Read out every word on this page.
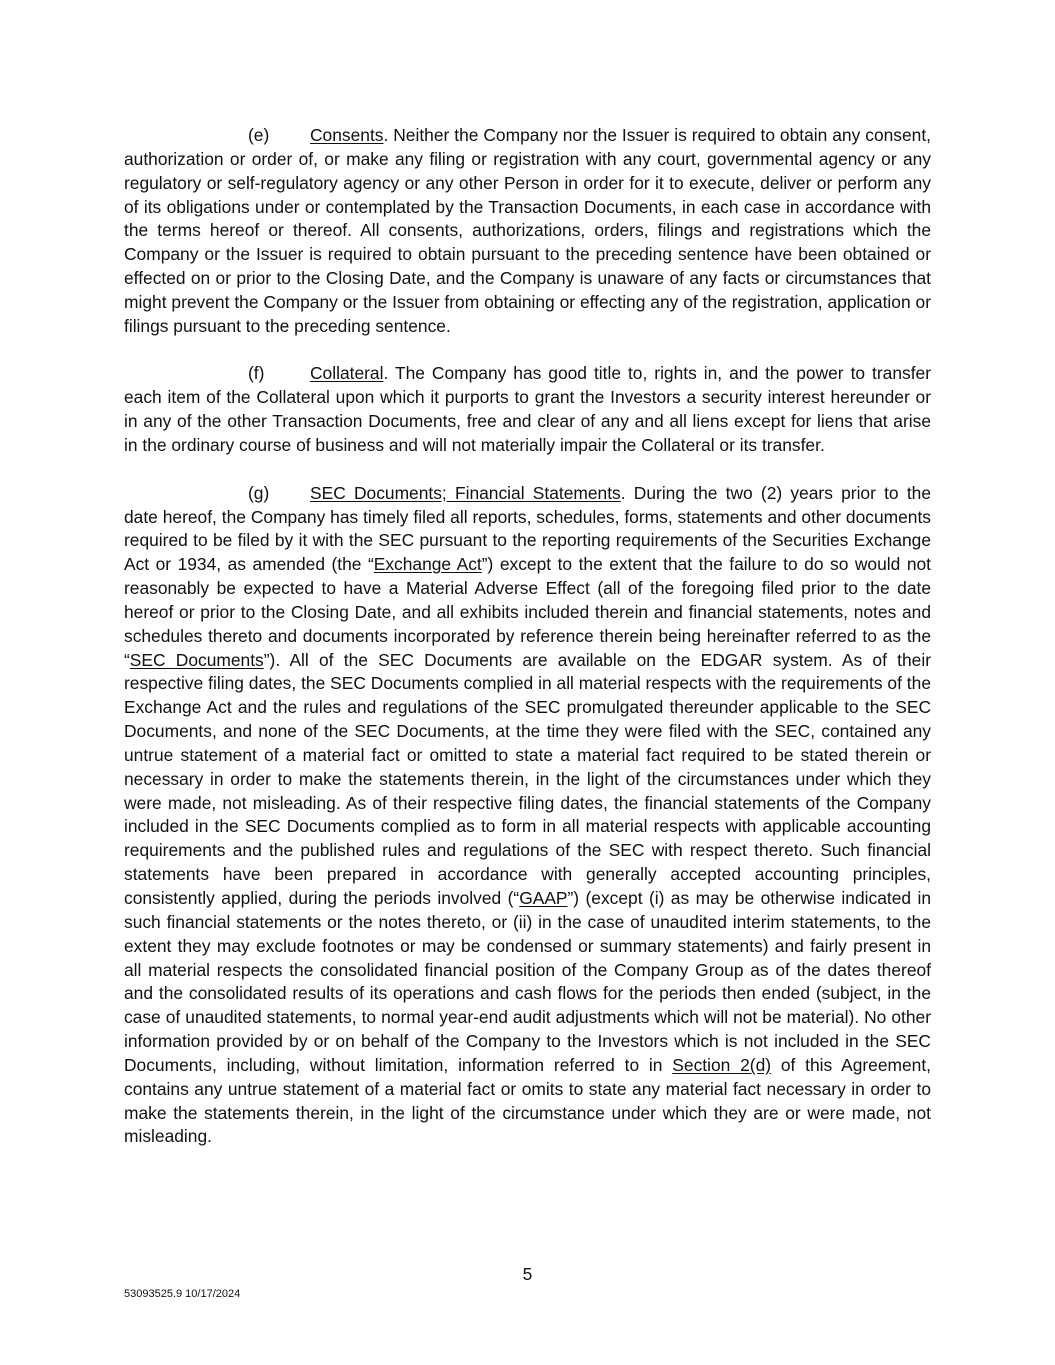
(e) Consents. Neither the Company nor the Issuer is required to obtain any consent, authorization or order of, or make any filing or registration with any court, governmental agency or any regulatory or self-regulatory agency or any other Person in order for it to execute, deliver or perform any of its obligations under or contemplated by the Transaction Documents, in each case in accordance with the terms hereof or thereof. All consents, authorizations, orders, filings and registrations which the Company or the Issuer is required to obtain pursuant to the preceding sentence have been obtained or effected on or prior to the Closing Date, and the Company is unaware of any facts or circumstances that might prevent the Company or the Issuer from obtaining or effecting any of the registration, application or filings pursuant to the preceding sentence.

(f)	Collateral. The Company has good title to, rights in, and the power to transfer each item of the Collateral upon which it purports to grant the Investors a security interest hereunder or in any of the other Transaction Documents, free and clear of any and all liens except for liens that arise in the ordinary course of business and will not materially impair the Collateral or its transfer.

(g) SEC Documents; Financial Statements. During the two (2) years prior to the date hereof, the Company has timely filed all reports, schedules, forms, statements and other documents required to be filed by it with the SEC pursuant to the reporting requirements of the Securities Exchange Act or 1934, as amended (the “Exchange Act”) except to the extent that the failure to do so would not reasonably be expected to have a Material Adverse Effect (all of the foregoing filed prior to the date hereof or prior to the Closing Date, and all exhibits included therein and financial statements, notes and schedules thereto and documents incorporated by reference therein being hereinafter referred to as the “SEC Documents”). All of the SEC Documents are available on the EDGAR system. As of their respective filing dates, the SEC Documents complied in all material respects with the requirements of the Exchange Act and the rules and regulations of the SEC promulgated thereunder applicable to the SEC Documents, and none of the SEC Documents, at the time they were filed with the SEC, contained any untrue statement of a material fact or omitted to state a material fact required to be stated therein or necessary in order to make the statements therein, in the light of the circumstances under which they were made, not misleading. As of their respective filing dates, the financial statements of the Company included in the SEC Documents complied as to form in all material respects with applicable accounting requirements and the published rules and regulations of the SEC with respect thereto. Such financial statements have been prepared in accordance with generally accepted accounting principles, consistently applied, during the periods involved (“GAAP”) (except (i) as may be otherwise indicated in such financial statements or the notes thereto, or (ii) in the case of unaudited interim statements, to the extent they may exclude footnotes or may be condensed or summary statements) and fairly present in all material respects the consolidated financial position of the Company Group as of the dates thereof and the consolidated results of its operations and cash flows for the periods then ended (subject, in the case of unaudited statements, to normal year-end audit adjustments which will not be material). No other information provided by or on behalf of the Company to the Investors which is not included in the SEC Documents, including, without limitation, information referred to in Section 2(d) of this Agreement, contains any untrue statement of a material fact or omits to state any material fact necessary in order to make the statements therein, in the light of the circumstance under which they are or were made, not misleading.

5
53093525.9 10/17/2024
